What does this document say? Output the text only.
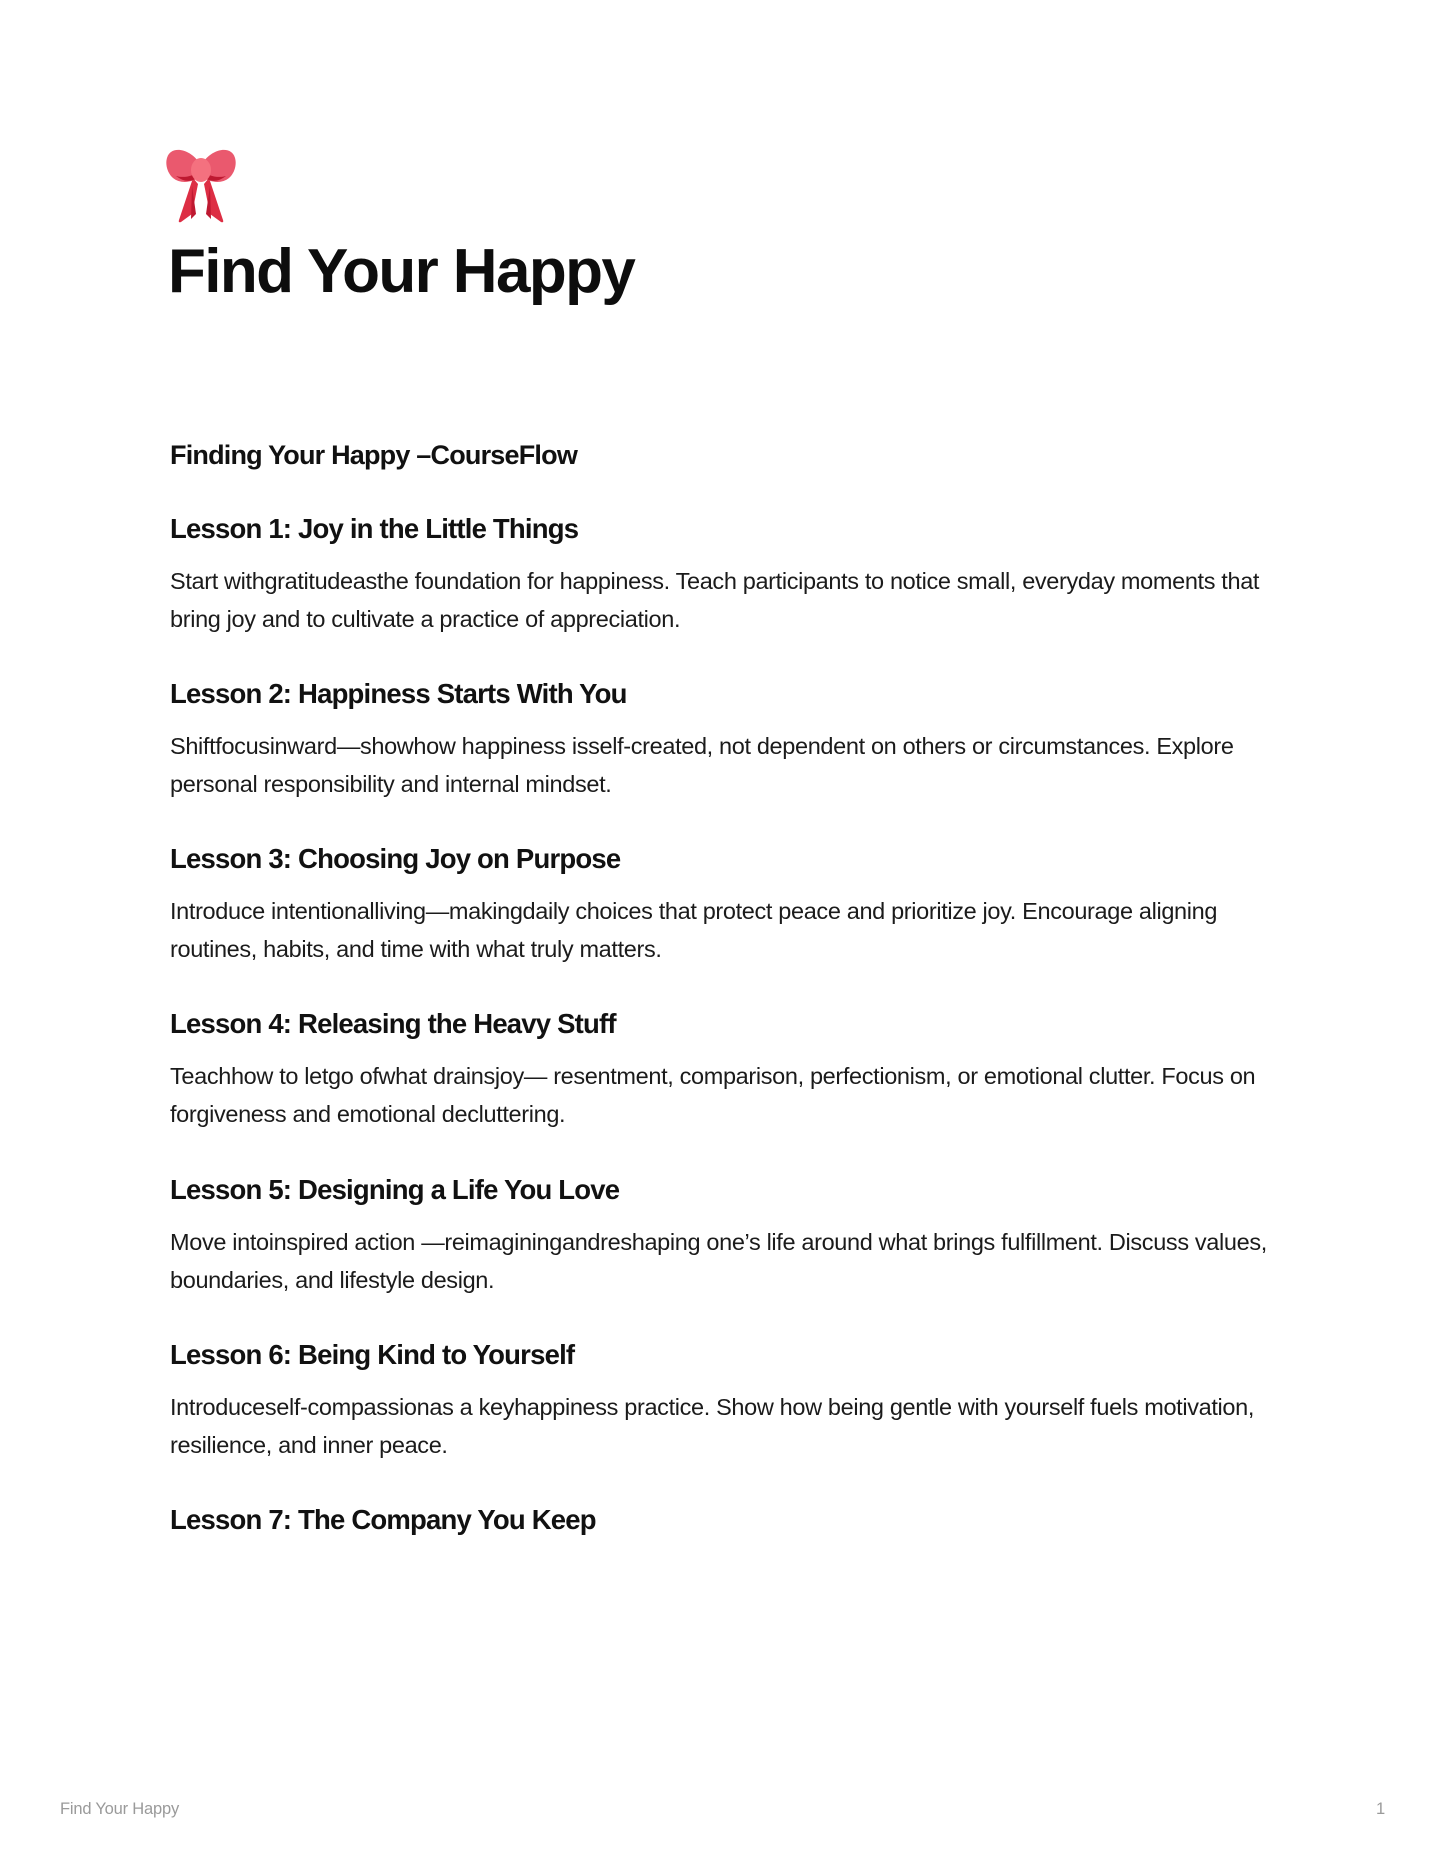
Find Your Happy
Finding Your Happy –CourseFlow
Lesson 1: Joy in the Little Things

Start withgratitudeasthe foundation for happiness. Teach participants to notice small, everyday moments that bring joy and to cultivate a practice of appreciation.

Lesson 2: Happiness Starts With You

Shiftfocusinward—showhow happiness isself-created, not dependent on others or circumstances. Explore personal responsibility and internal mindset.

Lesson 3: Choosing Joy on Purpose

Introduce intentionalliving—makingdaily choices that protect peace and prioritize joy. Encourage aligning routines, habits, and time with what truly matters.

Lesson 4: Releasing the Heavy Stuff

Teachhow to letgo ofwhat drainsjoy— resentment, comparison, perfectionism, or emotional clutter. Focus on forgiveness and emotional decluttering.

Lesson 5: Designing a Life You Love

Move intoinspired action —reimaginingandreshaping one’s life around what brings fulfillment. Discuss values, boundaries, and lifestyle design.

Lesson 6: Being Kind to Yourself

Introduceself-compassionas a keyhappiness practice. Show how being gentle with yourself fuels motivation, resilience, and inner peace.

Lesson 7: The Company You Keep
Find Your Happy	1
